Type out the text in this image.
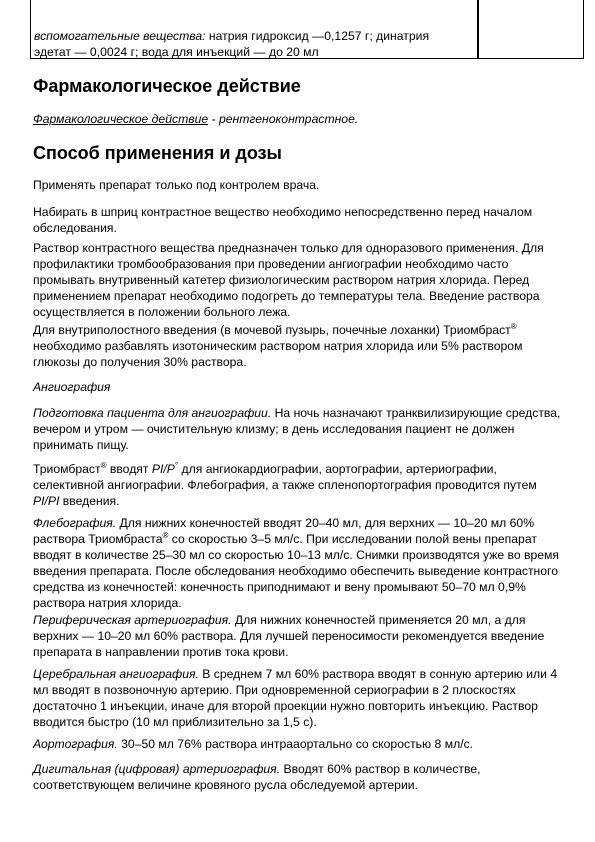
вспомогательные вещества: натрия гидроксид —0,1257 г; динатрия
эдетат — 0,0024 г; вода для инъекций — до 20 мл
Фармакологическое действие

Фармакологическое действие - рентгеноконтрастное.

Способ применения и дозы

Применять препарат только под контролем врача.

Набирать в шприц контрастное вещество необходимо непосредственно перед началом обследования.

Раствор контрастного вещества предназначен только для одноразового применения. Для профилактики тромбообразования при проведении ангиографии необходимо часто промывать внутривенный катетер физиологическим раствором натрия хлорида. Перед применением препарат необходимо подогреть до температуры тела. Введение раствора осуществляется в положении больного лежа.

Для внутриполостного введения (в мочевой пузырь, почечные лоханки) Триомбраст® необходимо разбавлять изотоническим раствором натрия хлорида или 5% раствором глюкозы до получения 30% раствора.

Ангиография

Подготовка пациента для ангиографии. На ночь назначают транквилизирующие средства, вечером и утром — очистительную клизму; в день исследования пациент не должен принимать пищу.

Триомбраст® вводят PI/P° для ангиокардиографии, аортографии, артериографии, селективной ангиографии. Флебография, а также спленопортография проводится путем PI/PI введения.

Флебография. Для нижних конечностей вводят 20–40 мл, для верхних — 10–20 мл 60% раствора Триомбраста® со скоростью 3–5 мл/с. При исследовании полой вены препарат вводят в количестве 25–30 мл со скоростью 10–13 мл/с. Снимки производятся уже во время введения препарата. После обследования необходимо обеспечить выведение контрастного средства из конечностей: конечность приподнимают и вену промывают 50–70 мл 0,9% раствора натрия хлорида.

Периферическая артериография. Для нижних конечностей применяется 20 мл, а для верхних — 10–20 мл 60% раствора. Для лучшей переносимости рекомендуется введение препарата в направлении против тока крови.

Церебральная ангиография. В среднем 7 мл 60% раствора вводят в сонную артерию или 4 мл вводят в позвоночную артерию. При одновременной сериографии в 2 плоскостях достаточно 1 инъекции, иначе для второй проекции нужно повторить инъекцию. Раствор вводится быстро (10 мл приблизительно за 1,5 с).

Аортография. 30–50 мл 76% раствора интрааортально со скоростью 8 мл/с.

Дигитальная (цифровая) артериография. Вводят 60% раствор в количестве, соответствующем величине кровяного русла обследуемой артерии.
